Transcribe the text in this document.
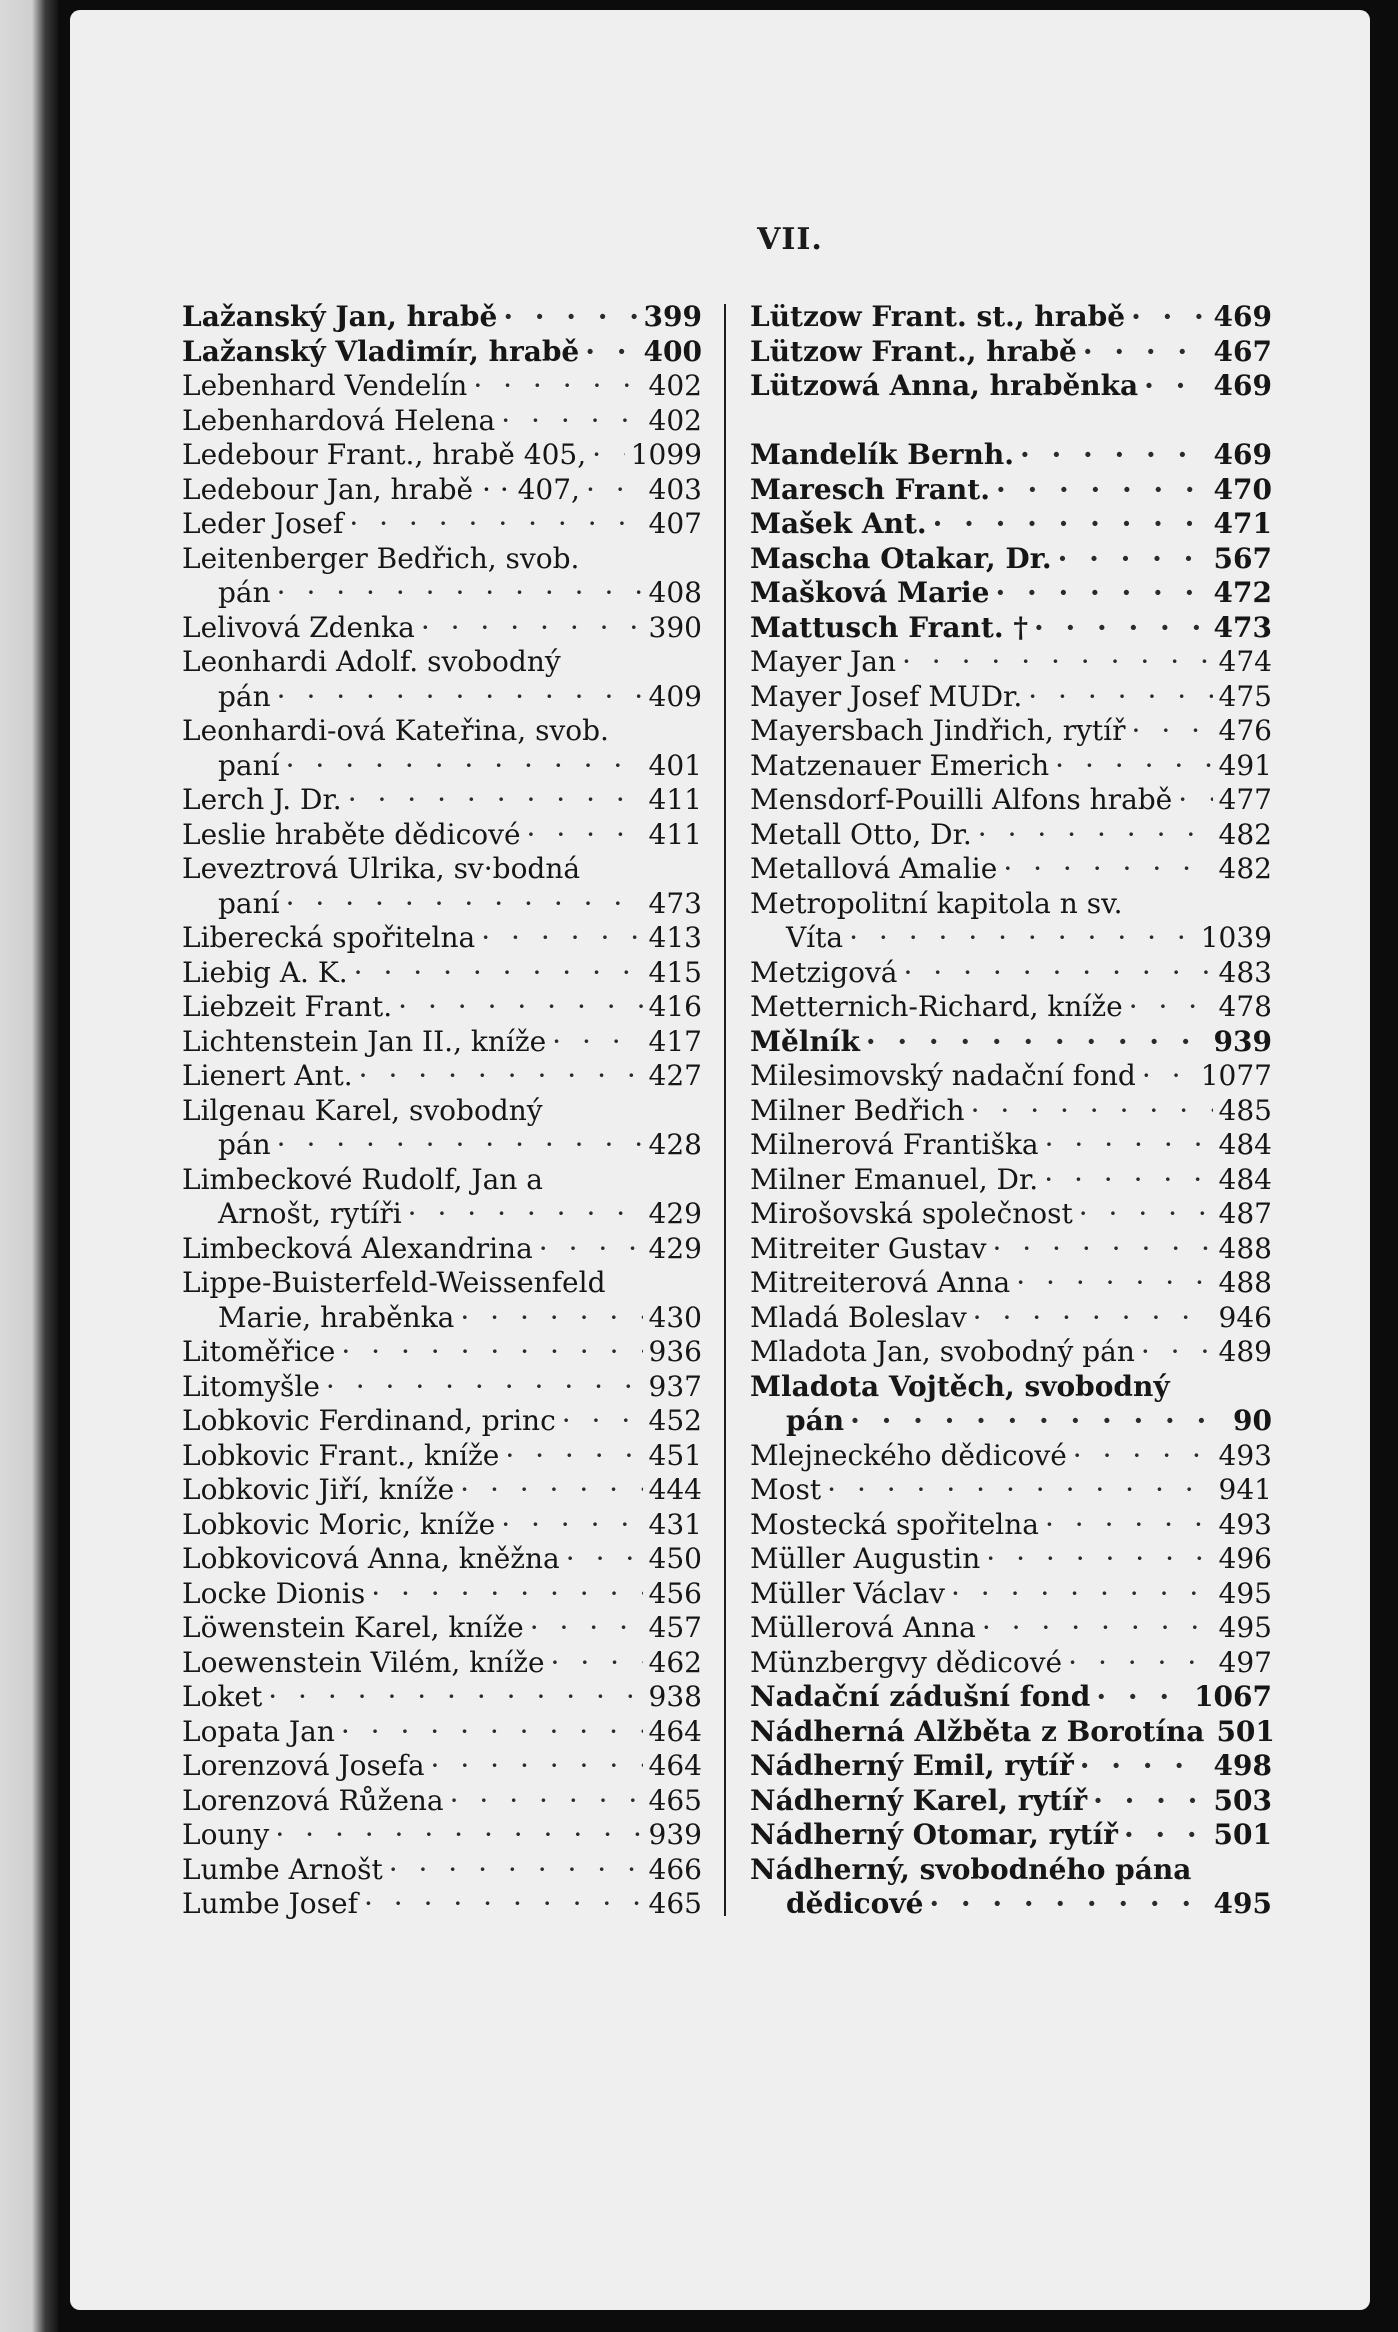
VII.
Lažanský Jan, hrabě · · ·	399
Lažanský Vladimír, hrabě · · · 400
Lebenhard Vendelín · · ·	402
Lebenhardová Helena · · ·	402
Ledebour Frant., hrabě 405, · · · 1099
Ledebour Jan, hrabě · · 407, · · · 403
Leder Josef · · ·	407
Leitenberger Bedřich, svob.
pán · · ·	408
Lelivová Zdenka · · ·	390
Leonhardi Adolf. svobodný
pán · · ·	409
Leonhardi-ová Kateřina, svob.
paní · · ·	401
Lerch J. Dr. · · ·	411
Leslie hraběte dědicové · · ·	411
Leveztrová Ulrika, sv·bodná
paní · · ·	473
Liberecká spořitelna · · ·	413
Liebig A. K. · · ·	415
Liebzeit Frant. · · ·	416
Lichtenstein Jan II., kníže · · ·	417
Lienert Ant. · · ·	427
Lilgenau Karel, svobodný
pán · · ·	428
Limbeckové Rudolf, Jan a
Arnošt, rytíři · · ·	429
Limbecková Alexandrina · · ·	429
Lippe-Buisterfeld-Weissenfeld
Marie, hraběnka · · ·	430
Litoměřice · · ·	936
Litomyšle · · ·	937
Lobkovic Ferdinand, princ · · ·	452
Lobkovic Frant., kníže · · ·	451
Lobkovic Jiří, kníže · · ·	444
Lobkovic Moric, kníže · · ·	431
Lobkovicová Anna, kněžna · · ·	450
Locke Dionis · · ·	456
Löwenstein Karel, kníže · · ·	457
Loewenstein Vilém, kníže · · ·	462
Loket · · ·	938
Lopata Jan · · ·	464
Lorenzová Josefa · · ·	464
Lorenzová Růžena · · ·	465
Louny · · ·	939
Lumbe Arnošt · · ·	466
Lumbe Josef · · ·	465
Lützow Frant. st., hrabě · · ·	469
Lützow Frant., hrabě · · ·	467
Lützowá Anna, hraběnka · · ·	469
Mandelík Bernh. · · ·	469
Maresch Frant. · · ·	470
Mašek Ant. · · ·	471
Mascha Otakar, Dr. · · ·	567
Mašková Marie · · ·	472
Mattusch Frant. † · · ·	473
Mayer Jan · · ·	474
Mayer Josef MUDr. · · ·	475
Mayersbach Jindřich, rytíř · · ·	476
Matzenauer Emerich · · ·	491
Mensdorf-Pouilli Alfons hrabě · · · 477
Metall Otto, Dr. · · ·	482
Metallová Amalie · · ·	482
Metropolitní kapitola n sv.
Víta · · ·	1039
Metzigová · · ·	483
Metternich-Richard, kníže · · ·	478
Mělník · · ·	939
Milesimovský nadační fond · · · 1077
Milner Bedřich · · ·	485
Milnerová Františka · · ·	484
Milner Emanuel, Dr. · · ·	484
Mirošovská společnost · · ·	487
Mitreiter Gustav · · ·	488
Mitreiterová Anna · · ·	488
Mladá Boleslav · · ·	946
Mladota Jan, svobodný pán · · ·	489
Mladota Vojtěch, svobodný
pán · · ·	90
Mlejneckého dědicové · · ·	493
Most · · ·	941
Mostecká spořitelna · · ·	493
Müller Augustin · · ·	496
Müller Václav · · ·	495
Müllerová Anna · · ·	495
Münzbergvy dědicové · · ·	497
Nadační zádušní fond · · ·	1067
Nádherná Alžběta z Borotína · · · 501
Nádherný Emil, rytíř · · ·	498
Nádherný Karel, rytíř · · ·	503
Nádherný Otomar, rytíř · · ·	501
Nádherný, svobodného pána
dědicové · · ·	495
